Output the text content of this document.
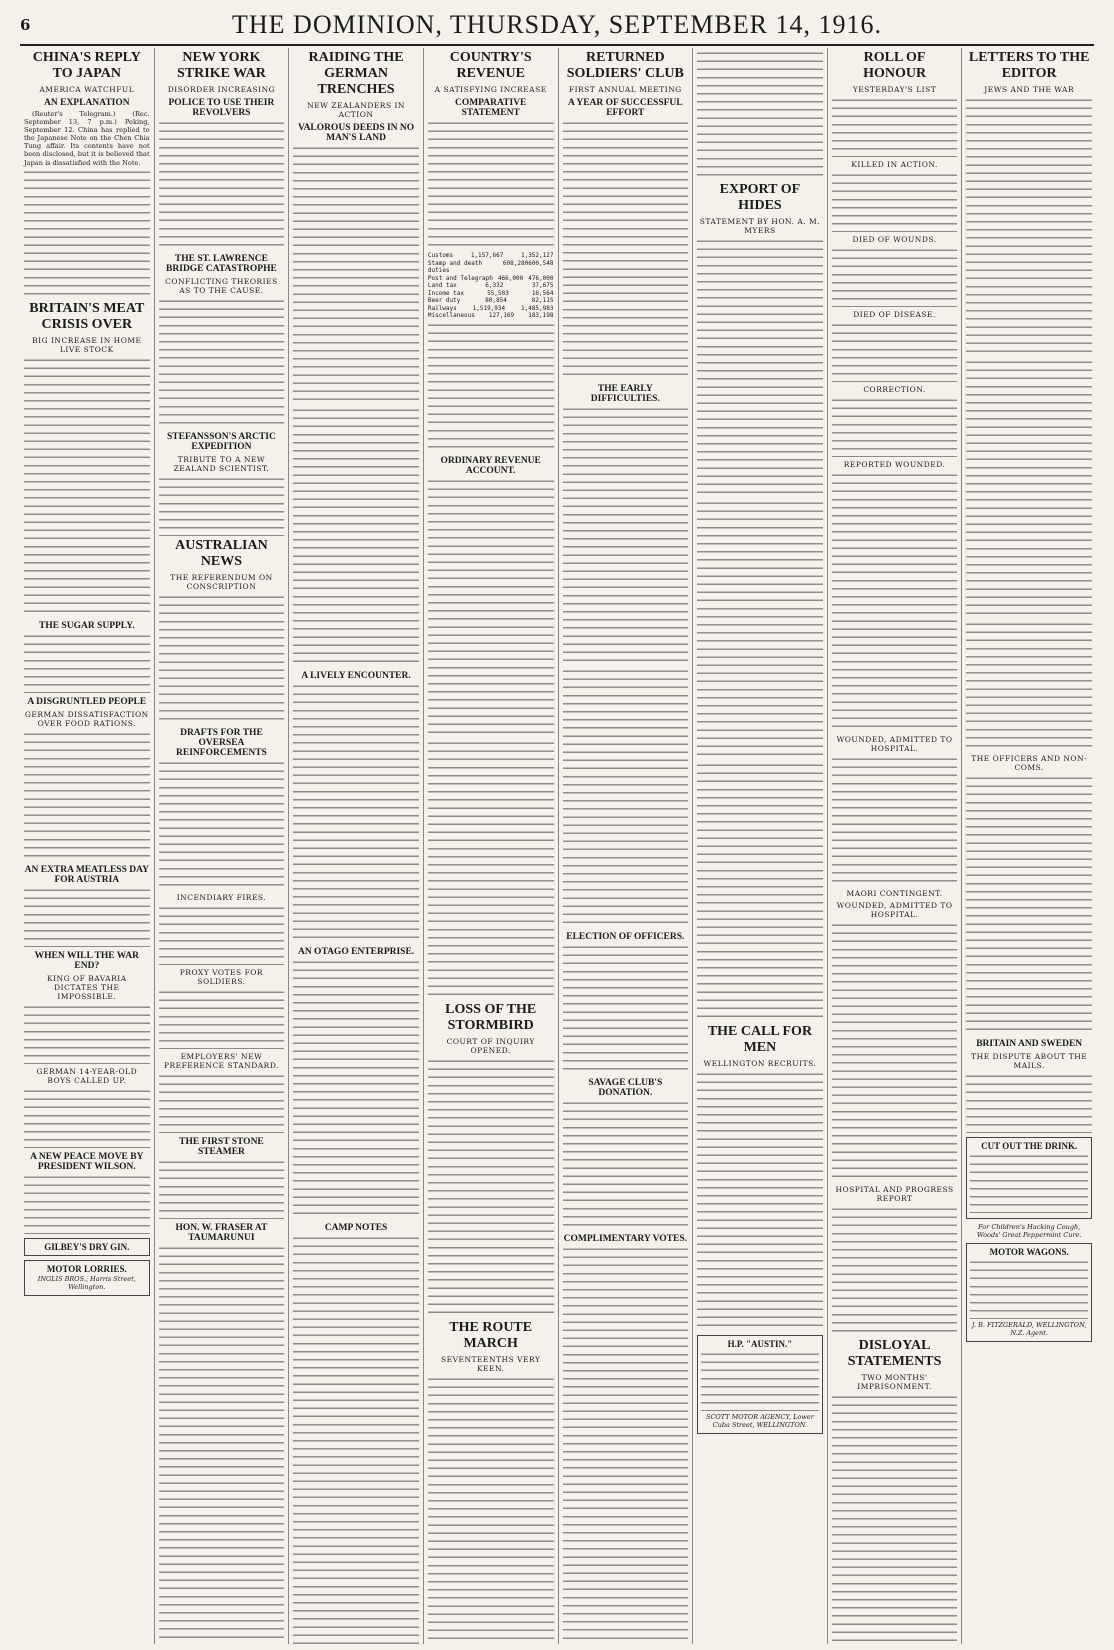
6	THE DOMINION, THURSDAY, SEPTEMBER 14, 1916.
CHINA'S REPLY TO JAPAN
AMERICA WATCHFUL
AN EXPLANATION
(Reuter's Telegram.) (Rec. September 13, 7 p.m.) Peking, September 12. China has replied to the Japanese Note on the Chen Chia Tung affair. Its contents have not been disclosed, but it is believed that Japan is dissatisfied with the Note.
BRITAIN'S MEAT CRISIS OVER
BIG INCREASE IN HOME LIVE STOCK
THE SUGAR SUPPLY.
A DISGRUNTLED PEOPLE
GERMAN DISSATISFACTION OVER FOOD RATIONS.
AN EXTRA MEATLESS DAY FOR AUSTRIA
WHEN WILL THE WAR END?
KING OF BAVARIA DICTATES THE IMPOSSIBLE.
GERMAN 14-YEAR-OLD BOYS CALLED UP.
A NEW PEACE MOVE BY PRESIDENT WILSON.
GILBEY'S DRY GIN.
MOTOR LORRIES.
INGLIS BROS., Harris Street, Wellington.
NEW YORK STRIKE WAR
DISORDER INCREASING
POLICE TO USE THEIR REVOLVERS
THE ST. LAWRENCE BRIDGE CATASTROPHE
CONFLICTING THEORIES AS TO THE CAUSE.
STEFANSSON'S ARCTIC EXPEDITION
TRIBUTE TO A NEW ZEALAND SCIENTIST.
AUSTRALIAN NEWS
THE REFERENDUM ON CONSCRIPTION
DRAFTS FOR THE OVERSEA REINFORCEMENTS
INCENDIARY FIRES.
PROXY VOTES FOR SOLDIERS.
EMPLOYERS' NEW PREFERENCE STANDARD.
THE FIRST STONE STEAMER
HON. W. FRASER AT TAUMARUNUI
RAIDING THE GERMAN TRENCHES
NEW ZEALANDERS IN ACTION
VALOROUS DEEDS IN NO MAN'S LAND
A LIVELY ENCOUNTER.
AN OTAGO ENTERPRISE.
CAMP NOTES
COUNTRY'S REVENUE
A SATISFYING INCREASE
COMPARATIVE STATEMENT
Customs	1,157,667	1,352,127
Stamp and death duties
608,280 600,548
Post and Telegraph 466,000 476,000
Land tax	6,332	37,675
Income tax	55,503	16,564
Beer duty	80,854	82,115
Railways	1,519,934	1,485,983
Miscellaneous 127,169 183,198
ORDINARY REVENUE ACCOUNT.
LOSS OF THE STORMBIRD
COURT OF INQUIRY OPENED.
THE ROUTE MARCH
SEVENTEENTHS VERY KEEN.
RETURNED SOLDIERS' CLUB
FIRST ANNUAL MEETING
A YEAR OF SUCCESSFUL EFFORT
THE EARLY DIFFICULTIES.
ELECTION OF OFFICERS.
SAVAGE CLUB'S DONATION.
COMPLIMENTARY VOTES.
EXPORT OF HIDES
STATEMENT BY HON. A. M. MYERS
THE CALL FOR MEN
WELLINGTON RECRUITS.
H.P. "AUSTIN."
SCOTT MOTOR AGENCY, Lower Cuba Street, WELLINGTON.
ROLL OF HONOUR
YESTERDAY'S LIST
KILLED IN ACTION.
DIED OF WOUNDS.
DIED OF DISEASE.
CORRECTION.
REPORTED WOUNDED.
WOUNDED, ADMITTED TO HOSPITAL.
MAORI CONTINGENT.
WOUNDED, ADMITTED TO HOSPITAL.
HOSPITAL AND PROGRESS REPORT
DISLOYAL STATEMENTS
TWO MONTHS' IMPRISONMENT.
LETTERS TO THE EDITOR
JEWS AND THE WAR
THE OFFICERS AND NON-COMS.
BRITAIN AND SWEDEN
THE DISPUTE ABOUT THE MAILS.
CUT OUT THE DRINK.
For Children's Hacking Cough, Woods' Great Peppermint Cure.
MOTOR WAGONS.
J. B. FITZGERALD, WELLINGTON, N.Z. Agent.
